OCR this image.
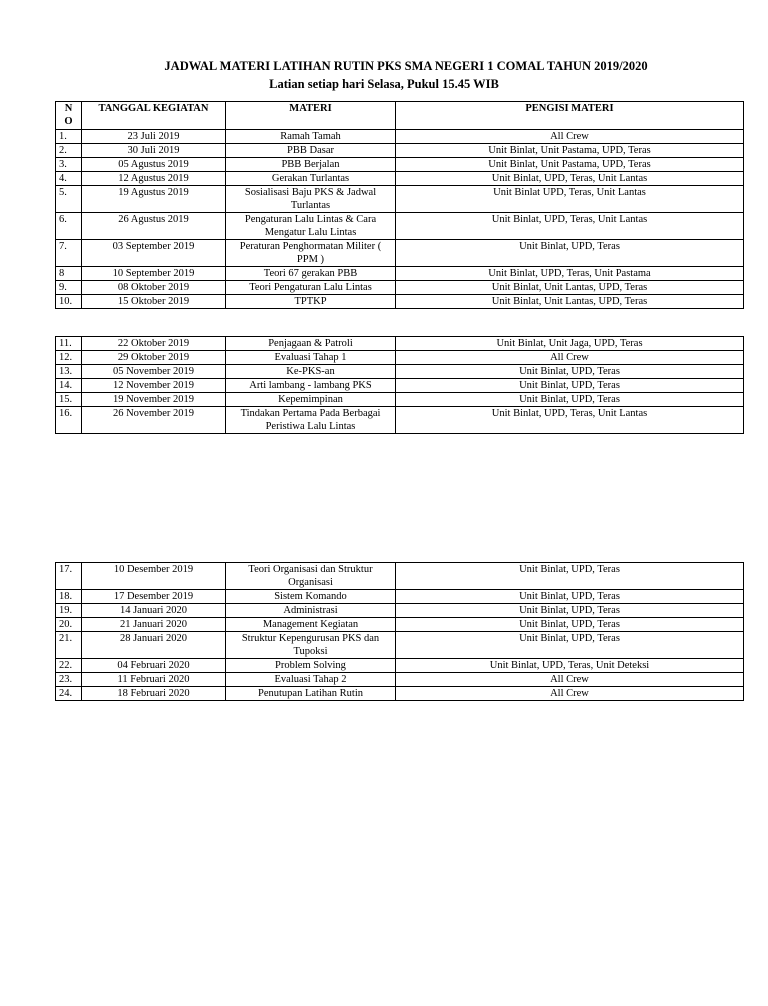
JADWAL MATERI LATIHAN RUTIN PKS SMA NEGERI 1 COMAL TAHUN 2019/2020
Latian setiap hari Selasa, Pukul 15.45 WIB
NO	TANGGAL KEGIATAN	MATERI	PENGISI MATERI
1.	23 Juli 2019	Ramah Tamah	All Crew
2.	30 Juli 2019	PBB Dasar	Unit Binlat, Unit Pastama, UPD, Teras
3.	05 Agustus 2019	PBB Berjalan	Unit Binlat, Unit Pastama, UPD, Teras
4.	12 Agustus 2019	Gerakan Turlantas	Unit Binlat, UPD, Teras, Unit Lantas
5.	19 Agustus 2019	Sosialisasi Baju PKS & Jadwal Turlantas	Unit Binlat UPD, Teras, Unit Lantas
6.	26 Agustus 2019	Pengaturan Lalu Lintas & Cara Mengatur Lalu Lintas	Unit Binlat, UPD, Teras, Unit Lantas
7.	03 September 2019	Peraturan Penghormatan Militer ( PPM )	Unit Binlat, UPD, Teras
8	10 September 2019	Teori 67 gerakan PBB	Unit Binlat, UPD, Teras, Unit Pastama
9.	08 Oktober 2019	Teori Pengaturan Lalu Lintas	Unit Binlat, Unit Lantas, UPD, Teras
10.	15 Oktober 2019	TPTKP	Unit Binlat, Unit Lantas, UPD, Teras
11.	22 Oktober 2019	Penjagaan & Patroli	Unit Binlat, Unit Jaga, UPD, Teras
12.	29 Oktober 2019	Evaluasi Tahap 1	All Crew
13.	05 November 2019	Ke-PKS-an	Unit Binlat, UPD, Teras
14.	12 November 2019	Arti lambang - lambang PKS	Unit Binlat, UPD, Teras
15.	19 November 2019	Kepemimpinan	Unit Binlat, UPD, Teras
16.	26 November 2019	Tindakan Pertama Pada Berbagai Peristiwa Lalu Lintas	Unit Binlat, UPD, Teras, Unit Lantas
17.	10 Desember 2019	Teori Organisasi dan Struktur Organisasi	Unit Binlat, UPD, Teras
18.	17 Desember 2019	Sistem Komando	Unit Binlat, UPD, Teras
19.	14 Januari 2020	Administrasi	Unit Binlat, UPD, Teras
20.	21 Januari 2020	Management Kegiatan	Unit Binlat, UPD, Teras
21.	28 Januari 2020	Struktur Kepengurusan PKS dan Tupoksi	Unit Binlat, UPD, Teras
22.	04 Februari 2020	Problem Solving	Unit Binlat, UPD, Teras, Unit Deteksi
23.	11 Februari 2020	Evaluasi Tahap 2	All Crew
24.	18 Februari 2020	Penutupan Latihan Rutin	All Crew
